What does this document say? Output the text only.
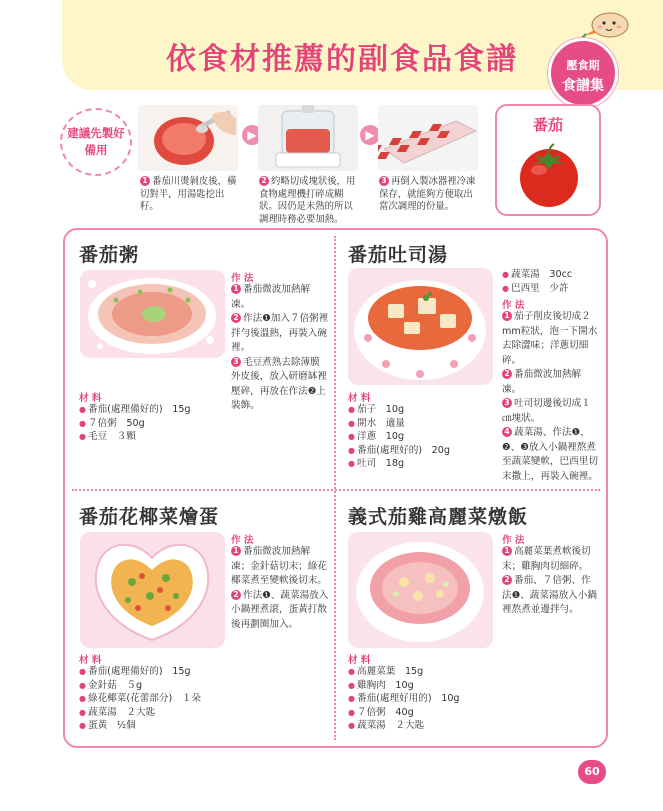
依食材推薦的副食品食譜	壓食期
食譜集
建議先製好備用
▶	▶
1 番茄川燙剝皮後，橫切對半，用湯匙挖出籽。
2 約略切成塊狀後，用食物處理機打碎成糊狀。因仍是未熟的所以調理時務必要加熱。
3 再倒入製冰器裡冷凍保存，就能夠方便取出當次調理的份量。
番茄
番茄粥
作 法
1 番茄微波加熱解凍。
2 作法❶加入７倍粥裡拌勻後溫熱，再裝入碗裡。
3 毛豆煮熟去除薄膜外皮後，放入研磨缽裡壓碎，再放在作法❷上裝飾。
材 料
● 番茄(處理備好的)　15g
● ７倍粥　50g
● 毛豆　３顆
番茄吐司湯
● 蔬菜湯　30cc
● 巴西里　少許
作 法
1 茄子削皮後切成２mm粒狀，泡一下開水去除澀味；洋蔥切細碎。
2 番茄微波加熱解凍。
3 吐司切邊後切成１㎝塊狀。
4 蔬菜湯、作法❶、❷、❸放入小鍋裡熬煮至蔬菜變軟，巴西里切末撒上，再裝入碗裡。
材 料
● 茄子　10g
● 開水　適量
● 洋蔥　10g
● 番茄(處理好的)　20g
● 吐司　18g
番茄花椰菜燴蛋
作 法
1 番茄微波加熱解凍；金針菇切末；綠花椰菜煮至變軟後切末。
2 作法❶、蔬菜湯放入小鍋裡煮滾，蛋黃打散後再劃圈加入。
材 料
● 番茄(處理備好的)　15g
● 金針菇　５g
● 綠花椰菜(花蕾部分)　１朵
● 蔬菜湯　２大匙
● 蛋黃　½個
義式茄雞高麗菜燉飯
作 法
1 高麗菜葉煮軟後切末；雞胸肉切細碎。
2 番茄、７倍粥、作法❶、蔬菜湯放入小鍋裡熬煮並邊拌勻。
材 料
● 高麗菜葉　15g
● 雞胸肉　10g
● 番茄(處理好用的)　10g
● ７倍粥　40g
● 蔬菜湯　２大匙
60
